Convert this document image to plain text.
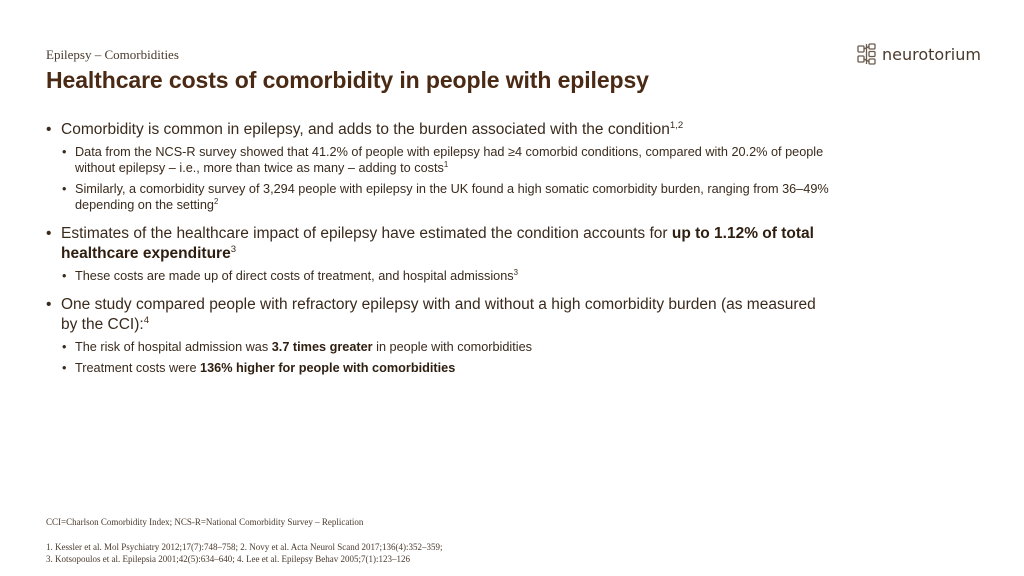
Epilepsy – Comorbidities
Healthcare costs of comorbidity in people with epilepsy
neurotorium
• Comorbidity is common in epilepsy, and adds to the burden associated with the condition$^{1,2}$
• Data from the NCS-R survey showed that 41.2% of people with epilepsy had ≥4 comorbid conditions, compared with 20.2% of people without epilepsy – i.e., more than twice as many – adding to costs$^1$
• Similarly, a comorbidity survey of 3,294 people with epilepsy in the UK found a high somatic comorbidity burden, ranging from 36–49% depending on the setting$^2$
• Estimates of the healthcare impact of epilepsy have estimated the condition accounts for up to 1.12% of total healthcare expenditure$^3$
• These costs are made up of direct costs of treatment, and hospital admissions$^3$
• One study compared people with refractory epilepsy with and without a high comorbidity burden (as measured by the CCI):$^4$
• The risk of hospital admission was 3.7 times greater in people with comorbidities
• Treatment costs were 136% higher for people with comorbidities
CCI=Charlson Comorbidity Index; NCS-R=National Comorbidity Survey – Replication
1. Kessler et al. Mol Psychiatry 2012;17(7):748–758; 2. Novy et al. Acta Neurol Scand 2017;136(4):352–359;
3. Kotsopoulos et al. Epilepsia 2001;42(5):634–640; 4. Lee et al. Epilepsy Behav 2005;7(1):123–126
